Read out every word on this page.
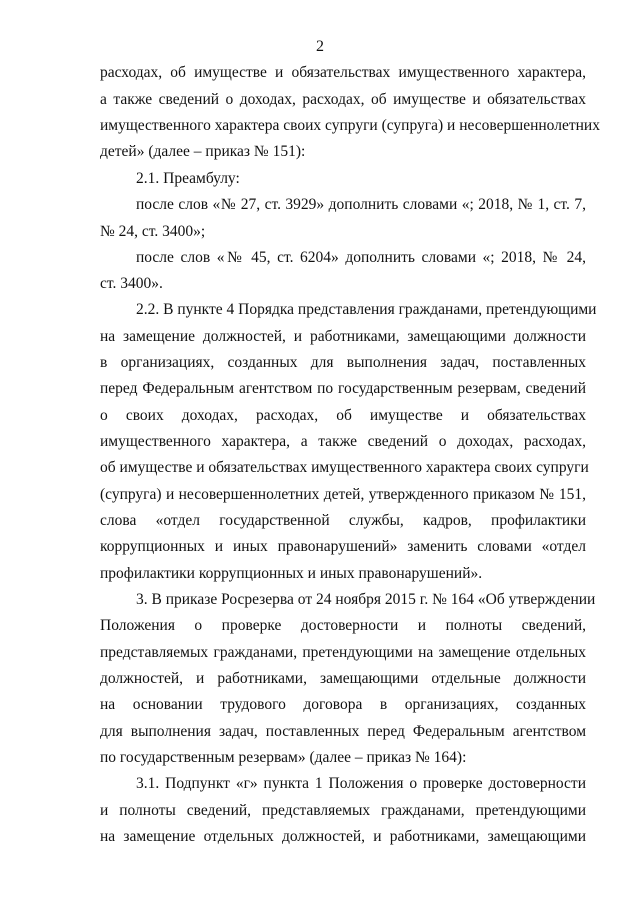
2
расходах, об имуществе и обязательствах имущественного характера,
а также сведений о доходах, расходах, об имуществе и обязательствах
имущественного характера своих супруги (супруга) и несовершеннолетних
детей» (далее – приказ № 151):
2.1. Преамбулу:
после слов «№ 27, ст. 3929» дополнить словами «; 2018, № 1, ст. 7,
№ 24, ст. 3400»;
после слов «№ 45, ст. 6204» дополнить словами «; 2018, № 24,
ст. 3400».
2.2. В пункте 4 Порядка представления гражданами, претендующими
на замещение должностей, и работниками, замещающими должности
в организациях, созданных для выполнения задач, поставленных
перед Федеральным агентством по государственным резервам, сведений
о своих доходах, расходах, об имуществе и обязательствах
имущественного характера, а также сведений о доходах, расходах,
об имуществе и обязательствах имущественного характера своих супруги
(супруга) и несовершеннолетних детей, утвержденного приказом № 151,
слова «отдел государственной службы, кадров, профилактики
коррупционных и иных правонарушений» заменить словами «отдел
профилактики коррупционных и иных правонарушений».
3. В приказе Росрезерва от 24 ноября 2015 г. № 164 «Об утверждении
Положения о проверке достоверности и полноты сведений,
представляемых гражданами, претендующими на замещение отдельных
должностей, и работниками, замещающими отдельные должности
на основании трудового договора в организациях, созданных
для выполнения задач, поставленных перед Федеральным агентством
по государственным резервам» (далее – приказ № 164):
3.1. Подпункт «г» пункта 1 Положения о проверке достоверности
и полноты сведений, представляемых гражданами, претендующими
на замещение отдельных должностей, и работниками, замещающими
